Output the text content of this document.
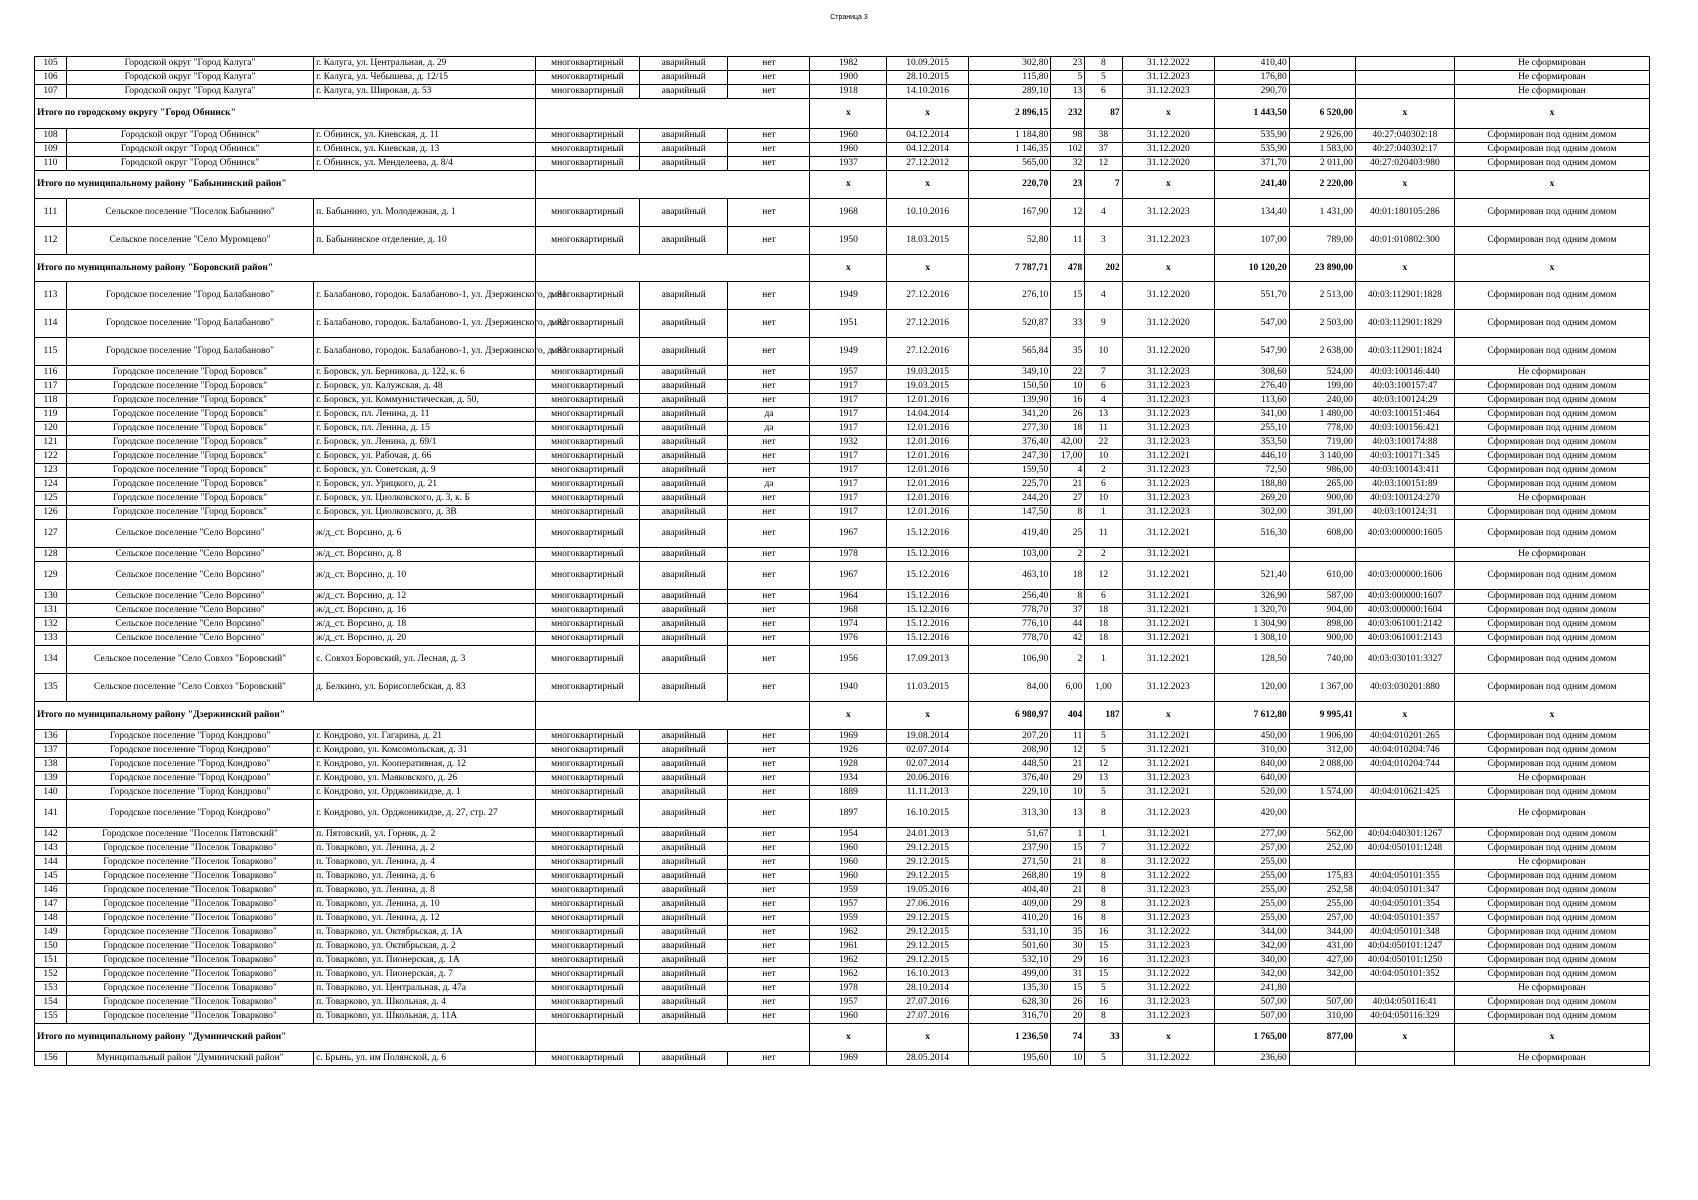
Страница 3
105	Городской округ "Город Калуга"	г. Калуга, ул. Центральная, д. 29	многоквартирный	аварийный	нет	1982	10.09.2015	302,80	23	8	31.12.2022	410,40			Не сформирован
106	Городской округ "Город Калуга"	г. Калуга, ул. Чебышева, д. 12/15	многоквартирный	аварийный	нет	1900	28.10.2015	115,80	5	5	31.12.2023	176,80			Не сформирован
107	Городской округ "Город Калуга"	г. Калуга, ул. Широкая, д. 53	многоквартирный	аварийный	нет	1918	14.10.2016	289,10	13	6	31.12.2023	290,70			Не сформирован
Итого по городскому округу "Город Обнинск"						x	x	2 896,15	232	87	x	1 443,50	6 520,00	x	x
108	Городской округ "Город Обнинск"	г. Обнинск, ул. Киевская, д. 11	многоквартирный	аварийный	нет	1960	04.12.2014	1 184,80	98	38	31.12.2020	535,90	2 926,00	40:27:040302:18	Сформирован под одним домом
109	Городской округ "Город Обнинск"	г. Обнинск, ул. Киевская, д. 13	многоквартирный	аварийный	нет	1960	04.12.2014	1 146,35	102	37	31.12.2020	535,90	1 583,00	40:27:040302:17	Сформирован под одним домом
110	Городской округ "Город Обнинск"	г. Обнинск, ул. Менделеева, д. 8/4	многоквартирный	аварийный	нет	1937	27.12.2012	565,00	32	12	31.12.2020	371,70	2 011,00	40:27:020403:980	Сформирован под одним домом
Итого по муниципальному району "Бабынинский район"						x	x	220,70	23	7	x	241,40	2 220,00	x	x
111	Сельское поселение "Поселок Бабынино"	п. Бабынино, ул. Молодежная, д. 1	многоквартирный	аварийный	нет	1968	10.10.2016	167,90	12	4	31.12.2023	134,40	1 431,00	40:01:180105:286	Сформирован под одним домом
112	Сельское поселение "Село Муромцево"	п. Бабынинское отделение, д. 10	многоквартирный	аварийный	нет	1950	18.03.2015	52,80	11	3	31.12.2023	107,00	789,00	40:01:010802:300	Сформирован под одним домом
Итого по муниципальному району "Боровский район"						x	x	7 787,71	478	202	x	10 120,20	23 890,00	x	x
113	Городское поселение "Город Балабаново"	г. Балабаново, городок. Балабаново-1, ул. Дзержинского, д. 81	многоквартирный	аварийный	нет	1949	27.12.2016	276,10	15	4	31.12.2020	551,70	2 513,00	40:03:112901:1828	Сформирован под одним домом
114	Городское поселение "Город Балабаново"	г. Балабаново, городок. Балабаново-1, ул. Дзержинского, д. 82	многоквартирный	аварийный	нет	1951	27.12.2016	520,87	33	9	31.12.2020	547,00	2 503,00	40:03:112901:1829	Сформирован под одним домом
115	Городское поселение "Город Балабаново"	г. Балабаново, городок. Балабаново-1, ул. Дзержинского, д. 83	многоквартирный	аварийный	нет	1949	27.12.2016	565,84	35	10	31.12.2020	547,90	2 638,00	40:03:112901:1824	Сформирован под одним домом
116	Городское поселение "Город Боровск"	г. Боровск, ул. Берникова, д. 122, к. 6	многоквартирный	аварийный	нет	1957	19.03.2015	349,10	22	7	31.12.2023	308,60	524,00	40:03:100146:440	Не сформирован
117	Городское поселение "Город Боровск"	г. Боровск, ул. Калужская, д. 48	многоквартирный	аварийный	нет	1917	19.03.2015	150,50	10	6	31.12.2023	276,40	199,00	40:03:100157:47	Сформирован под одним домом
118	Городское поселение "Город Боровск"	г. Боровск, ул. Коммунистическая, д. 50,	многоквартирный	аварийный	нет	1917	12.01.2016	139,90	16	4	31.12.2023	113,60	240,00	40:03:100124:29	Сформирован под одним домом
119	Городское поселение "Город Боровск"	г. Боровск, пл. Ленина, д. 11	многоквартирный	аварийный	да	1917	14.04.2014	341,20	26	13	31.12.2023	341,00	1 480,00	40:03:100151:464	Сформирован под одним домом
120	Городское поселение "Город Боровск"	г. Боровск, пл. Ленина, д. 15	многоквартирный	аварийный	да	1917	12.01.2016	277,30	18	11	31.12.2023	255,10	778,00	40:03:100156:421	Сформирован под одним домом
121	Городское поселение "Город Боровск"	г. Боровск, ул. Ленина, д. 69/1	многоквартирный	аварийный	нет	1932	12.01.2016	376,40	42,00	22	31.12.2023	353,50	719,00	40:03:100174:88	Сформирован под одним домом
122	Городское поселение "Город Боровск"	г. Боровск, ул. Рабочая, д. 66	многоквартирный	аварийный	нет	1917	12.01.2016	247,30	17,00	10	31.12.2021	446,10	3 140,00	40:03:100171:345	Сформирован под одним домом
123	Городское поселение "Город Боровск"	г. Боровск, ул. Советская, д. 9	многоквартирный	аварийный	нет	1917	12.01.2016	159,50	4	2	31.12.2023	72,50	986,00	40:03:100143:411	Сформирован под одним домом
124	Городское поселение "Город Боровск"	г. Боровск, ул. Урицкого, д. 21	многоквартирный	аварийный	да	1917	12.01.2016	225,70	21	6	31.12.2023	188,80	265,00	40:03:100151:89	Сформирован под одним домом
125	Городское поселение "Город Боровск"	г. Боровск, ул. Циолковского, д. 3, к. Б	многоквартирный	аварийный	нет	1917	12.01.2016	244,20	27	10	31.12.2023	269,20	900,00	40:03:100124:270	Не сформирован
126	Городское поселение "Город Боровск"	г. Боровск, ул. Циолковского, д. 3В	многоквартирный	аварийный	нет	1917	12.01.2016	147,50	8	1	31.12.2023	302,00	391,00	40:03:100124:31	Сформирован под одним домом
127	Сельское поселение "Село Ворсино"	ж/д_ст. Ворсино, д. 6	многоквартирный	аварийный	нет	1967	15.12.2016	419,40	25	11	31.12.2021	516,30	608,00	40:03:000000:1605	Сформирован под одним домом
128	Сельское поселение "Село Ворсино"	ж/д_ст. Ворсино, д. 8	многоквартирный	аварийный	нет	1978	15.12.2016	103,00	2	2	31.12.2021				Не сформирован
129	Сельское поселение "Село Ворсино"	ж/д_ст. Ворсино, д. 10	многоквартирный	аварийный	нет	1967	15.12.2016	463,10	18	12	31.12.2021	521,40	610,00	40:03:000000:1606	Сформирован под одним домом
130	Сельское поселение "Село Ворсино"	ж/д_ст. Ворсино, д. 12	многоквартирный	аварийный	нет	1964	15.12.2016	256,40	8	6	31.12.2021	326,90	587,00	40:03:000000:1607	Сформирован под одним домом
131	Сельское поселение "Село Ворсино"	ж/д_ст. Ворсино, д. 16	многоквартирный	аварийный	нет	1968	15.12.2016	778,70	37	18	31.12.2021	1 320,70	904,00	40:03:000000:1604	Сформирован под одним домом
132	Сельское поселение "Село Ворсино"	ж/д_ст. Ворсино, д. 18	многоквартирный	аварийный	нет	1974	15.12.2016	776,10	44	18	31.12.2021	1 304,90	898,00	40:03:061001:2142	Сформирован под одним домом
133	Сельское поселение "Село Ворсино"	ж/д_ст. Ворсино, д. 20	многоквартирный	аварийный	нет	1976	15.12.2016	778,70	42	18	31.12.2021	1 308,10	900,00	40:03:061001:2143	Сформирован под одним домом
134	Сельское поселение "Село Совхоз "Боровский"	с. Совхоз Боровский, ул. Лесная, д. 3	многоквартирный	аварийный	нет	1956	17.09.2013	106,90	2	1	31.12.2021	128,50	740,00	40:03:030101:3327	Сформирован под одним домом
135	Сельское поселение "Село Совхоз "Боровский"	д. Белкино, ул. Борисоглебская, д. 83	многоквартирный	аварийный	нет	1940	11.03.2015	84,00	6,00	1,00	31.12.2023	120,00	1 367,00	40:03:030201:880	Сформирован под одним домом
Итого по муниципальному району "Дзержинский район"						x	x	6 980,97	404	187	x	7 612,80	9 995,41	x	x
136	Городское поселение "Город Кондрово"	г. Кондрово, ул. Гагарина, д. 21	многоквартирный	аварийный	нет	1969	19.08.2014	207,20	11	5	31.12.2021	450,00	1 906,00	40:04:010201:265	Сформирован под одним домом
137	Городское поселение "Город Кондрово"	г. Кондрово, ул. Комсомольская, д. 31	многоквартирный	аварийный	нет	1926	02.07.2014	208,90	12	5	31.12.2021	310,00	312,00	40:04:010204:746	Сформирован под одним домом
138	Городское поселение "Город Кондрово"	г. Кондрово, ул. Кооперативная, д. 12	многоквартирный	аварийный	нет	1928	02.07.2014	448,50	21	12	31.12.2021	840,00	2 088,00	40:04:010204:744	Сформирован под одним домом
139	Городское поселение "Город Кондрово"	г. Кондрово, ул. Маяковского, д. 26	многоквартирный	аварийный	нет	1934	20.06.2016	376,40	29	13	31.12.2023	640,00			Не сформирован
140	Городское поселение "Город Кондрово"	г. Кондрово, ул. Орджоникидзе, д. 1	многоквартирный	аварийный	нет	1889	11.11.2013	229,10	10	5	31.12.2021	520,00	1 574,00	40:04:010621:425	Сформирован под одним домом
141	Городское поселение "Город Кондрово"	г. Кондрово, ул. Орджоникидзе, д. 27, стр. 27	многоквартирный	аварийный	нет	1897	16.10.2015	313,30	13	8	31.12.2023	420,00			Не сформирован
142	Городское поселение "Поселок Пятовский"	п. Пятовский, ул. Горняк, д. 2	многоквартирный	аварийный	нет	1954	24.01.2013	51,67	1	1	31.12.2021	277,00	562,00	40:04:040301:1267	Сформирован под одним домом
143	Городское поселение "Поселок Товарково"	п. Товарково, ул. Ленина, д. 2	многоквартирный	аварийный	нет	1960	29.12.2015	237,90	15	7	31.12.2022	257,00	252,00	40:04:050101:1248	Сформирован под одним домом
144	Городское поселение "Поселок Товарково"	п. Товарково, ул. Ленина, д. 4	многоквартирный	аварийный	нет	1960	29.12.2015	271,50	21	8	31.12.2022	255,00			Не сформирован
145	Городское поселение "Поселок Товарково"	п. Товарково, ул. Ленина, д. 6	многоквартирный	аварийный	нет	1960	29.12.2015	268,80	19	8	31.12.2022	255,00	175,83	40:04:050101:355	Сформирован под одним домом
146	Городское поселение "Поселок Товарково"	п. Товарково, ул. Ленина, д. 8	многоквартирный	аварийный	нет	1959	19.05.2016	404,40	21	8	31.12.2023	255,00	252,58	40:04:050101:347	Сформирован под одним домом
147	Городское поселение "Поселок Товарково"	п. Товарково, ул. Ленина, д. 10	многоквартирный	аварийный	нет	1957	27.06.2016	409,00	29	8	31.12.2023	255,00	255,00	40:04:050101:354	Сформирован под одним домом
148	Городское поселение "Поселок Товарково"	п. Товарково, ул. Ленина, д. 12	многоквартирный	аварийный	нет	1959	29.12.2015	410,20	16	8	31.12.2023	255,00	257,00	40:04:050101:357	Сформирован под одним домом
149	Городское поселение "Поселок Товарково"	п. Товарково, ул. Октябрьская, д. 1А	многоквартирный	аварийный	нет	1962	29.12.2015	531,10	35	16	31.12.2022	344,00	344,00	40:04:050101:348	Сформирован под одним домом
150	Городское поселение "Поселок Товарково"	п. Товарково, ул. Октябрьская, д. 2	многоквартирный	аварийный	нет	1961	29.12.2015	501,60	30	15	31.12.2023	342,00	431,00	40:04:050101:1247	Сформирован под одним домом
151	Городское поселение "Поселок Товарково"	п. Товарково, ул. Пионерская, д. 1А	многоквартирный	аварийный	нет	1962	29.12.2015	532,10	29	16	31.12.2023	340,00	427,00	40:04:050101:1250	Сформирован под одним домом
152	Городское поселение "Поселок Товарково"	п. Товарково, ул. Пионерская, д. 7	многоквартирный	аварийный	нет	1962	16.10.2013	499,00	31	15	31.12.2022	342,00	342,00	40:04:050101:352	Сформирован под одним домом
153	Городское поселение "Поселок Товарково"	п. Товарково, ул. Центральная, д. 47а	многоквартирный	аварийный	нет	1978	28.10.2014	135,30	15	5	31.12.2022	241,80			Не сформирован
154	Городское поселение "Поселок Товарково"	п. Товарково, ул. Школьная, д. 4	многоквартирный	аварийный	нет	1957	27.07.2016	628,30	26	16	31.12.2023	507,00	507,00	40:04:050116:41	Сформирован под одним домом
155	Городское поселение "Поселок Товарково"	п. Товарково, ул. Школьная, д. 11А	многоквартирный	аварийный	нет	1960	27.07.2016	316,70	20	8	31.12.2023	507,00	310,00	40:04:050116:329	Сформирован под одним домом
Итого по муниципальному району "Думиничский район"						x	x	1 236,50	74	33	x	1 765,00	877,00	x	x
156	Муниципальный район "Думиничский район"	с. Брынь, ул. им Полянской, д. 6	многоквартирный	аварийный	нет	1969	28.05.2014	195,60	10	5	31.12.2022	236,60			Не сформирован
